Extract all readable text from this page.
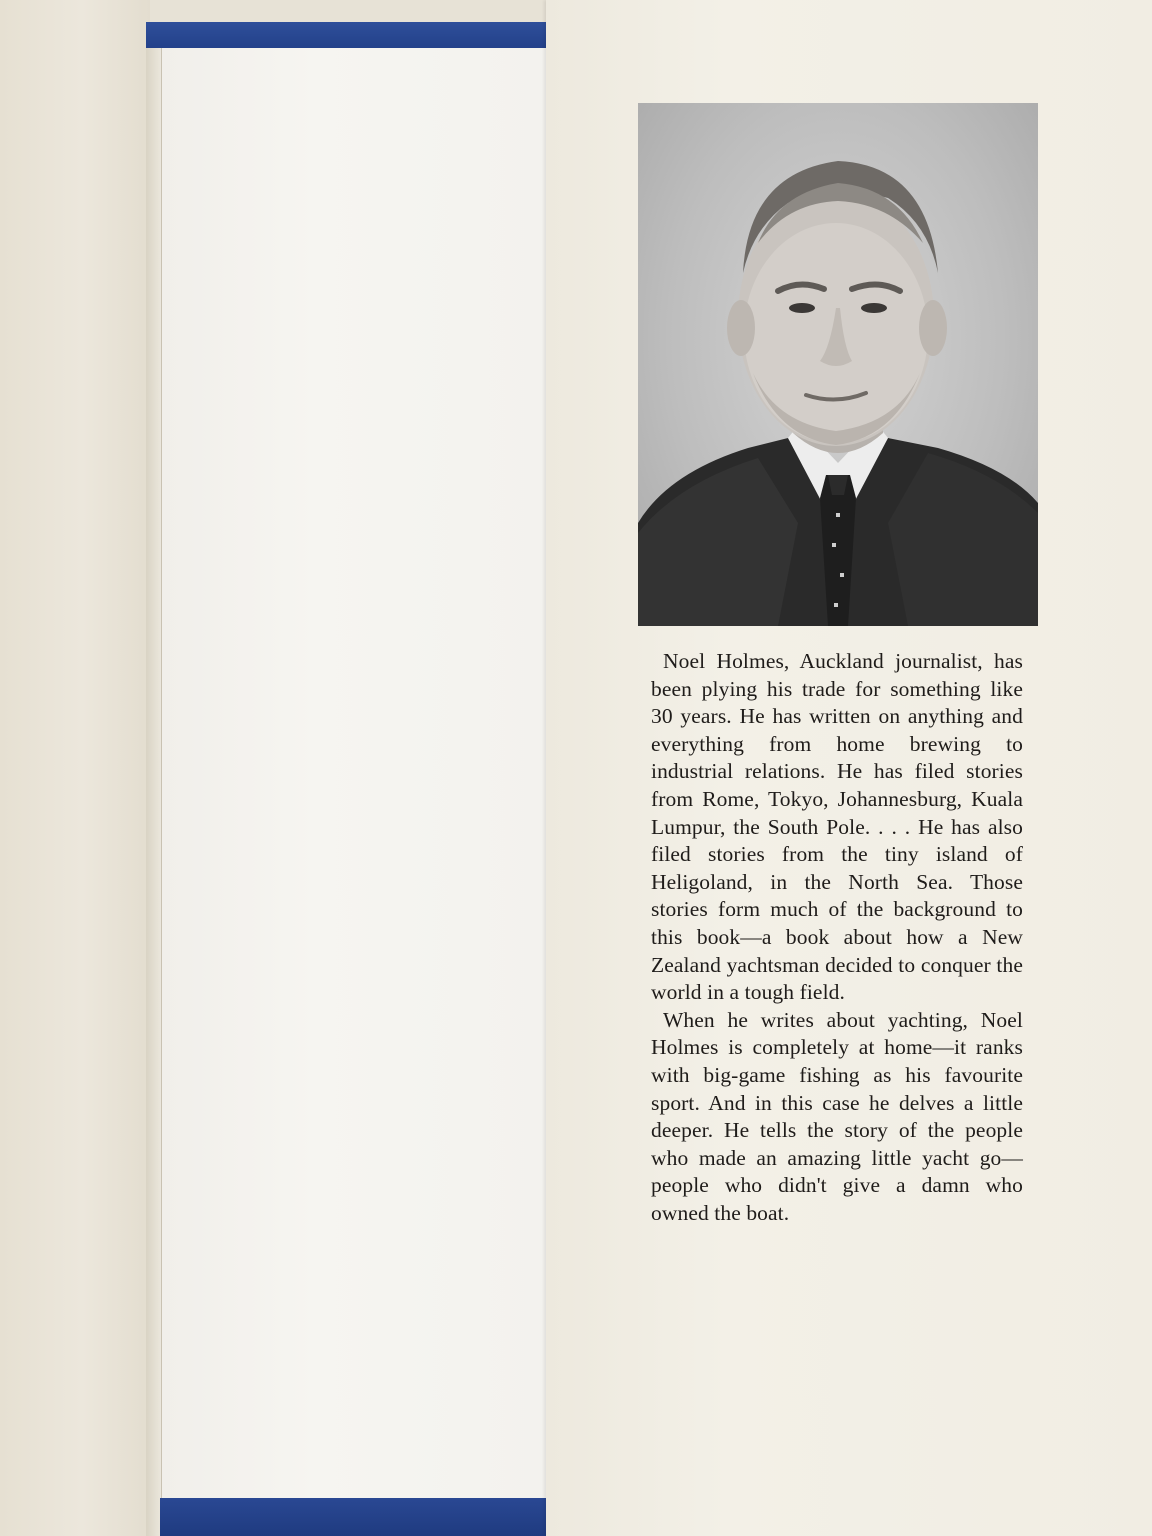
Noel Holmes, Auckland journalist, has been plying his trade for something like 30 years. He has written on anything and everything from home brewing to industrial relations. He has filed stories from Rome, Tokyo, Johannesburg, Kuala Lumpur, the South Pole. . . . He has also filed stories from the tiny island of Heligoland, in the North Sea. Those stories form much of the background to this book—a book about how a New Zealand yachtsman decided to conquer the world in a tough field.

When he writes about yachting, Noel Holmes is completely at home—it ranks with big-game fishing as his favourite sport. And in this case he delves a little deeper. He tells the story of the people who made an amazing little yacht go—people who didn't give a damn who owned the boat.
